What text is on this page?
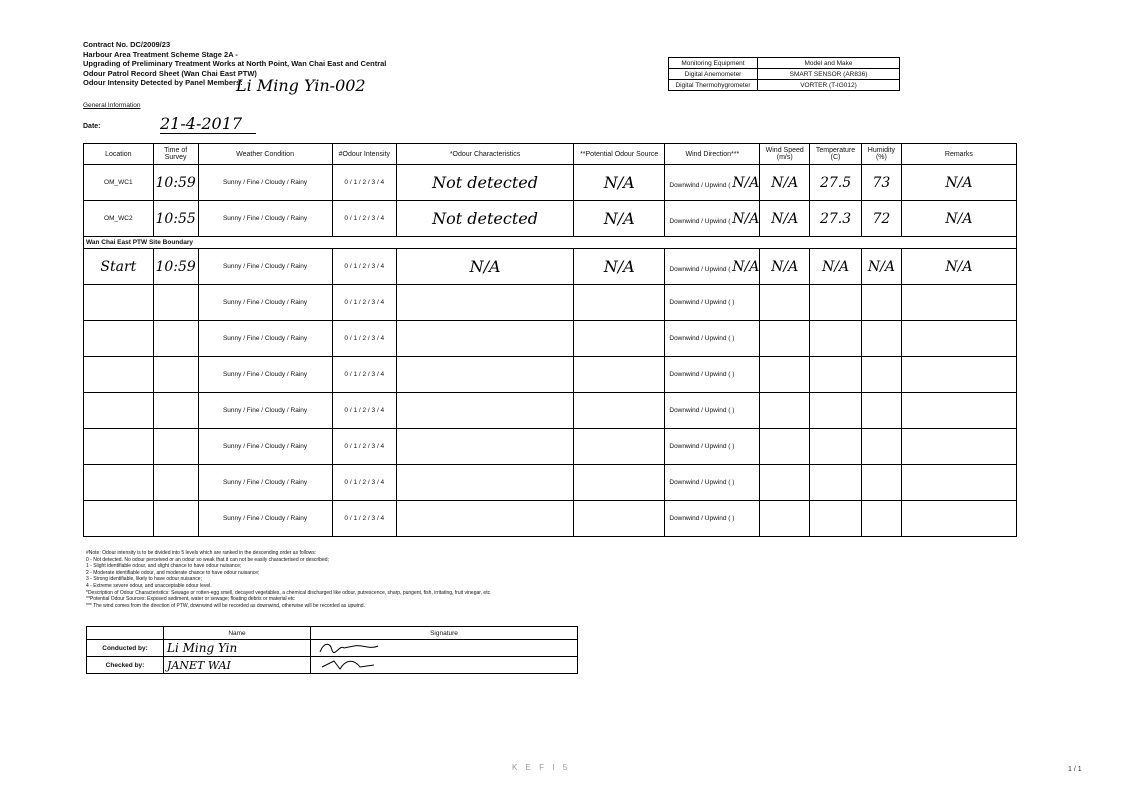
Contract No. DC/2009/23
Harbour Area Treatment Scheme Stage 2A -
Upgrading of Preliminary Treatment Works at North Point, Wan Chai East and Central
Odour Patrol Record Sheet (Wan Chai East PTW)
Odour Intensity Detected by Panel Members:
Li Ming Yin-002
General Information
Date:	21-4-2017
Monitoring Equipment	Model and Make
Digital Anemometer	SMART SENSOR (AR836)
Digital Thermohygrometer	VORTER (T-IG012)
Location	Time of Survey	Weather Condition	#Odour Intensity	*Odour Characteristics	**Potential Odour Source	Wind Direction***	Wind Speed (m/s)	Temperature (C)	Humidity (%)	Remarks
OM_WC1	10:59	Sunny / Fine / Cloudy / Rainy	0 / 1 / 2 / 3 / 4	Not detected	N/A	Downwind / Upwind ( N/A	N/A	27.5	73	N/A
OM_WC2	10:55	Sunny / Fine / Cloudy / Rainy	0 / 1 / 2 / 3 / 4	Not detected	N/A	Downwind / Upwind ( N/A	N/A	27.3	72	N/A
Wan Chai East PTW Site Boundary										
Start	10:59	Sunny / Fine / Cloudy / Rainy	0 / 1 / 2 / 3 / 4	N/A	N/A	Downwind / Upwind ( N/A	N/A	N/A	N/A	N/A
		Sunny / Fine / Cloudy / Rainy	0 / 1 / 2 / 3 / 4			Downwind / Upwind ( )				
		Sunny / Fine / Cloudy / Rainy	0 / 1 / 2 / 3 / 4			Downwind / Upwind ( )				
		Sunny / Fine / Cloudy / Rainy	0 / 1 / 2 / 3 / 4			Downwind / Upwind ( )				
		Sunny / Fine / Cloudy / Rainy	0 / 1 / 2 / 3 / 4			Downwind / Upwind ( )				
		Sunny / Fine / Cloudy / Rainy	0 / 1 / 2 / 3 / 4			Downwind / Upwind ( )				
		Sunny / Fine / Cloudy / Rainy	0 / 1 / 2 / 3 / 4			Downwind / Upwind ( )				
		Sunny / Fine / Cloudy / Rainy	0 / 1 / 2 / 3 / 4			Downwind / Upwind ( )				
#Note: Odour intensity is to be divided into 5 levels which are ranked in the descending order as follows:
0 - Not detected. No odour perceived or an odour so weak that it can not be easily characterised or described;
1 - Slight identifiable odour, and slight chance to have odour nuisance;
2 - Moderate identifiable odour, and moderate chance to have odour nuisance;
3 - Strong identifiable, likely to have odour nuisance;
4 - Extreme severe odour, and unacceptable odour level.
*Description of Odour Characteristics: Sewage or rotten-egg smell, decayed vegetables, a chemical discharged like odour, putrescence, sharp, pungent, fish, irritating, fruit vinegar, etc
**Potential Odour Sources: Exposed sediment, water or sewage; floating debris or material etc
*** The wind comes from the direction of PTW, downwind will be recorded as downwind, otherwise will be recorded as upwind.
	Name	Signature
Conducted by:	Li Ming Yin	
Checked by:	JANET WAI	
K E F I 5	1 / 1
